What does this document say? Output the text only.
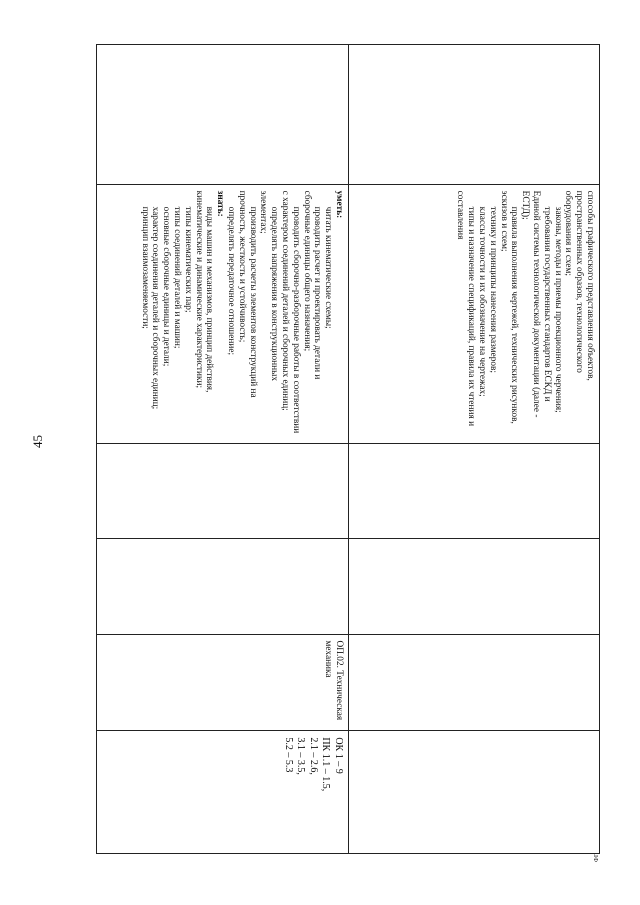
45
способы графического представления объектов,
пространственных образов, технологического
оборудования и схем;
законы, методы и приемы проекционного черчения;
требования государственных стандартов ЕСКД и
Единой системы технологической документации (далее -
ЕСТД);
правила выполнения чертежей, технических рисунков,
эскизов и схем;
технику и принципы нанесения размеров;
классы точности и их обозначение на чертежах;
типы и назначение спецификаций, правила их чтения и
составления
уметь:
читать кинематические схемы;
проводить расчет и проектировать детали и
сборочные единицы общего назначения;
проводить сборочно-разборочные работы в соответствии
с характером соединений деталей и сборочных единиц;
определять напряжения в конструкционных
элементах;
производить расчеты элементов конструкций на
прочность, жесткость и устойчивость;
определять передаточное отношение;
знать:
виды машин и механизмов, принцип действия,
кинематические и динамические характеристики;
типы кинематических пар;
типы соединений деталей и машин;
основные сборочные единицы и детали;
характер соединения деталей и сборочных единиц;
принцип взаимозаменяемости;
ОП.02. Техническая механика
ОК 1 – 9
ПК 1.1 – 1.5,
2.1 – 2.6,
3.1 – 3.5,
5.2 – 5.3
